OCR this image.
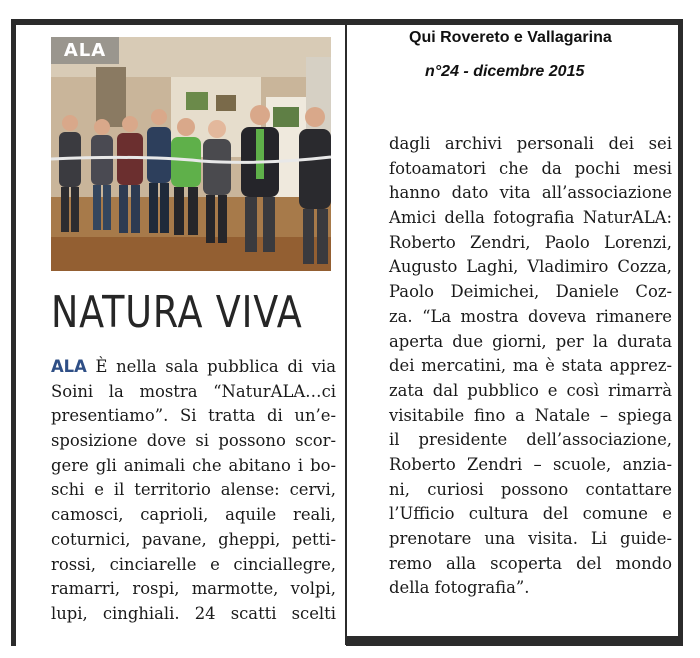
ALA
NATURA VIVA
ALA È nella sala pubblica di via
Soini la mostra “NaturALA…ci
presentiamo”. Si tratta di un’e-
sposizione dove si possono scor-
gere gli animali che abitano i bo-
schi e il territorio alense: cervi,
camosci, caprioli, aquile reali,
coturnici, pavane, gheppi, petti-
rossi, cinciarelle e cinciallegre,
ramarri, rospi, marmotte, volpi,
lupi, cinghiali. 24 scatti scelti
Qui Rovereto e Vallagarina
n°24 - dicembre 2015
dagli archivi personali dei sei
fotoamatori che da pochi mesi
hanno dato vita all’associazione
Amici della fotografia NaturALA:
Roberto Zendri, Paolo Lorenzi,
Augusto Laghi, Vladimiro Cozza,
Paolo Deimichei, Daniele Coz-
za. “La mostra doveva rimanere
aperta due giorni, per la durata
dei mercatini, ma è stata apprez-
zata dal pubblico e così rimarrà
visitabile fino a Natale – spiega
il presidente dell’associazione,
Roberto Zendri – scuole, anzia-
ni, curiosi possono contattare
l’Ufficio cultura del comune e
prenotare una visita. Li guide-
remo alla scoperta del mondo
della fotografia”.
